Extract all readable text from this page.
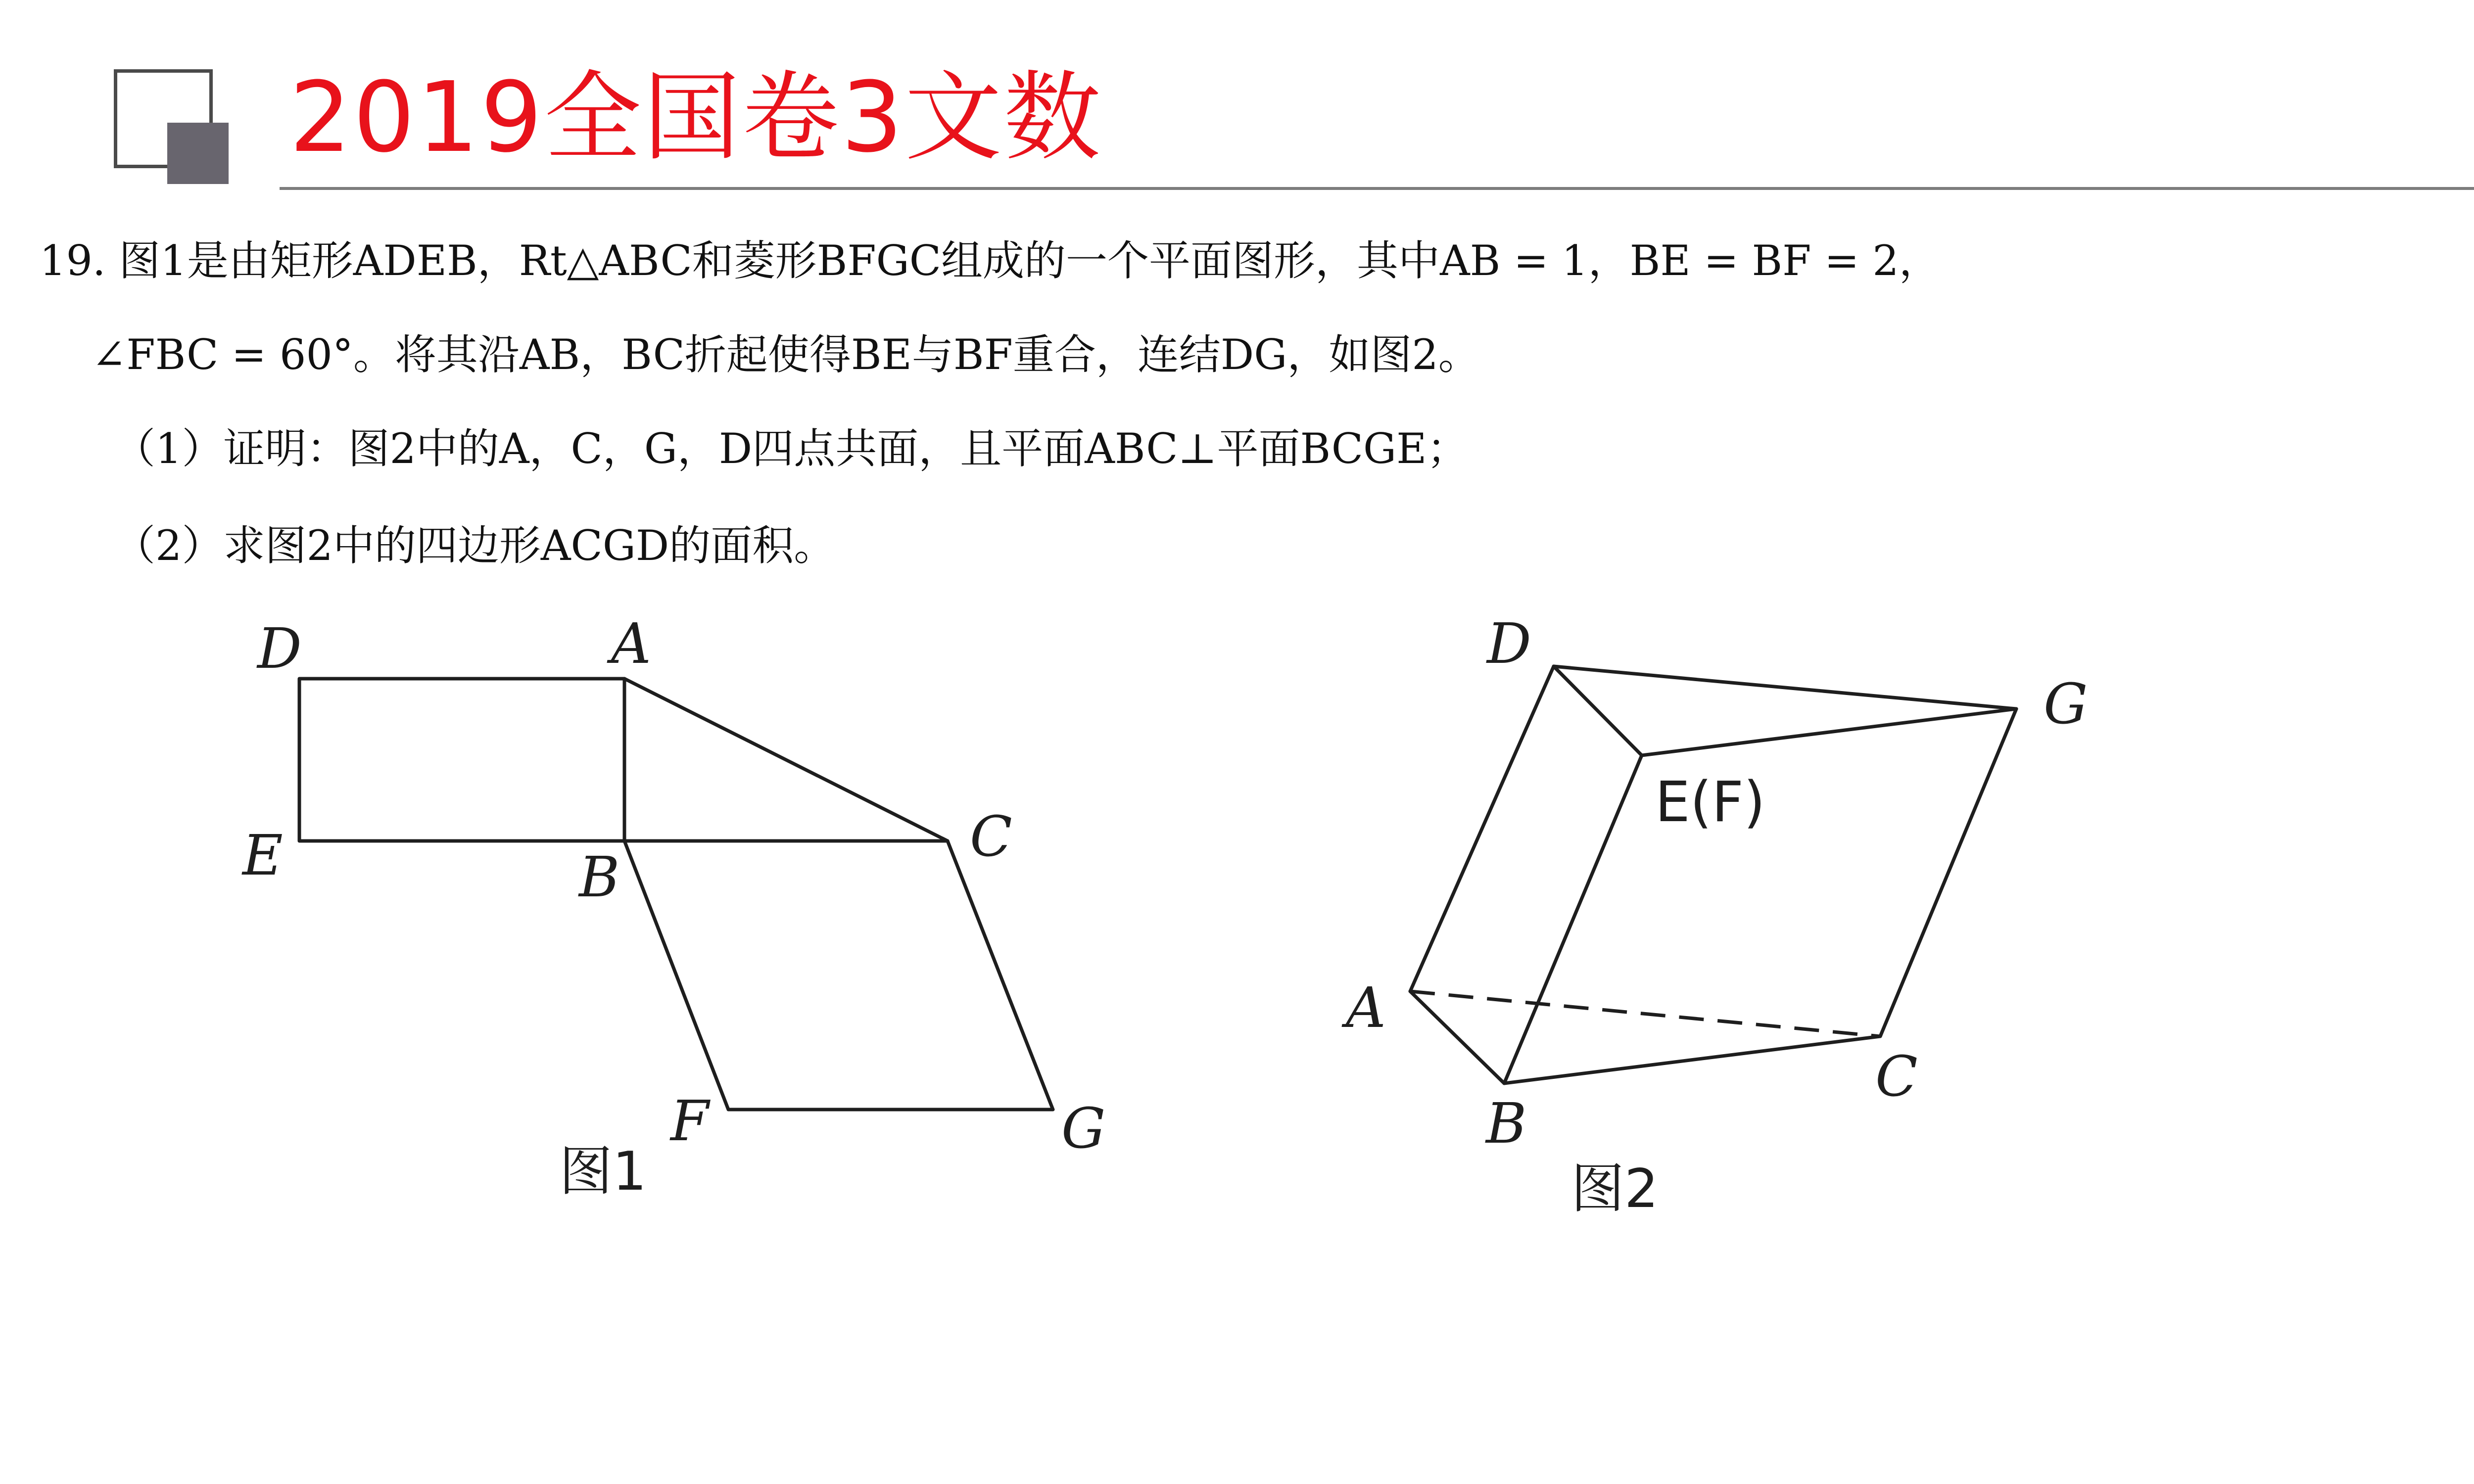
2019全国卷3文数
19. 图1是由矩形ADEB，Rt△ABC和菱形BFGC组成的一个平面图形，其中AB = 1，BE = BF = 2，
∠FBC = 60°。将其沿AB，BC折起使得BE与BF重合，连结DG，如图2。
（1）证明：图2中的A，C，G，D四点共面，且平面ABC⊥平面BCGE；
（2）求图2中的四边形ACGD的面积。
D	A
E	B
C
F	G
图1
D
G
E(F)
A
B
C
图2
